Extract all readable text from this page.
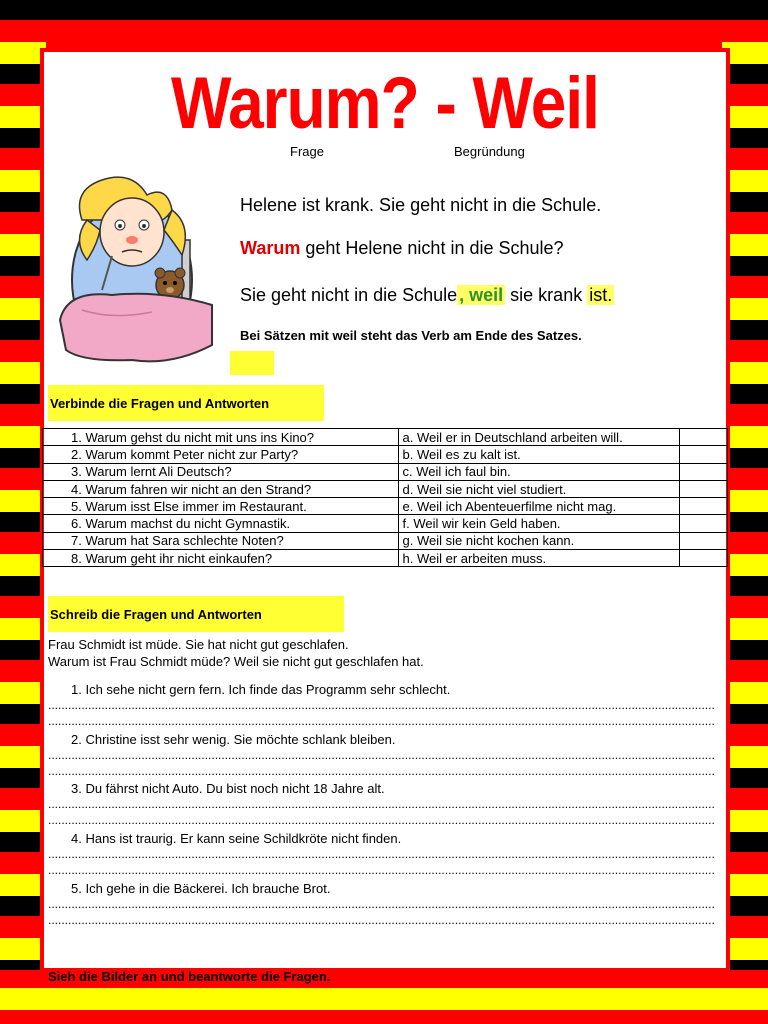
Warum? - Weil
Frage	Begründung
Helene ist krank. Sie geht nicht in die Schule.
Warum geht Helene nicht in die Schule?
Sie geht nicht in die Schule , weil sie krank ist.
Bei Sätzen mit weil steht das Verb am Ende des Satzes.
Verbinde die Fragen und Antworten
1. Warum gehst du nicht mit uns ins Kino?	a. Weil er in Deutschland arbeiten will.	
2. Warum kommt Peter nicht zur Party?	b. Weil es zu kalt ist.	
3. Warum lernt Ali Deutsch?	c. Weil ich faul bin.	
4. Warum fahren wir nicht an den Strand?	d. Weil sie nicht viel studiert.	
5. Warum isst Else immer im Restaurant.	e. Weil ich Abenteuerfilme nicht mag.	
6. Warum machst du nicht Gymnastik.	f. Weil wir kein Geld haben.	
7. Warum hat Sara schlechte Noten?	g. Weil sie nicht kochen kann.	
8. Warum geht ihr nicht einkaufen?	h. Weil er arbeiten muss.	
Schreib die Fragen und Antworten
Frau Schmidt ist müde. Sie hat nicht gut geschlafen.
Warum ist Frau Schmidt müde? Weil sie nicht gut geschlafen hat.
1. Ich sehe nicht gern fern. Ich finde das Programm sehr schlecht.
........................................................................................................................................................................................................
........................................................................................................................................................................................................
2. Christine isst sehr wenig. Sie möchte schlank bleiben.
........................................................................................................................................................................................................
........................................................................................................................................................................................................
3. Du fährst nicht Auto. Du bist noch nicht 18 Jahre alt.
........................................................................................................................................................................................................
........................................................................................................................................................................................................
4. Hans ist traurig. Er kann seine Schildkröte nicht finden.
........................................................................................................................................................................................................
........................................................................................................................................................................................................
5. Ich gehe in die Bäckerei. Ich brauche Brot.
........................................................................................................................................................................................................
........................................................................................................................................................................................................
Sieh die Bilder an und beantworte die Fragen.
